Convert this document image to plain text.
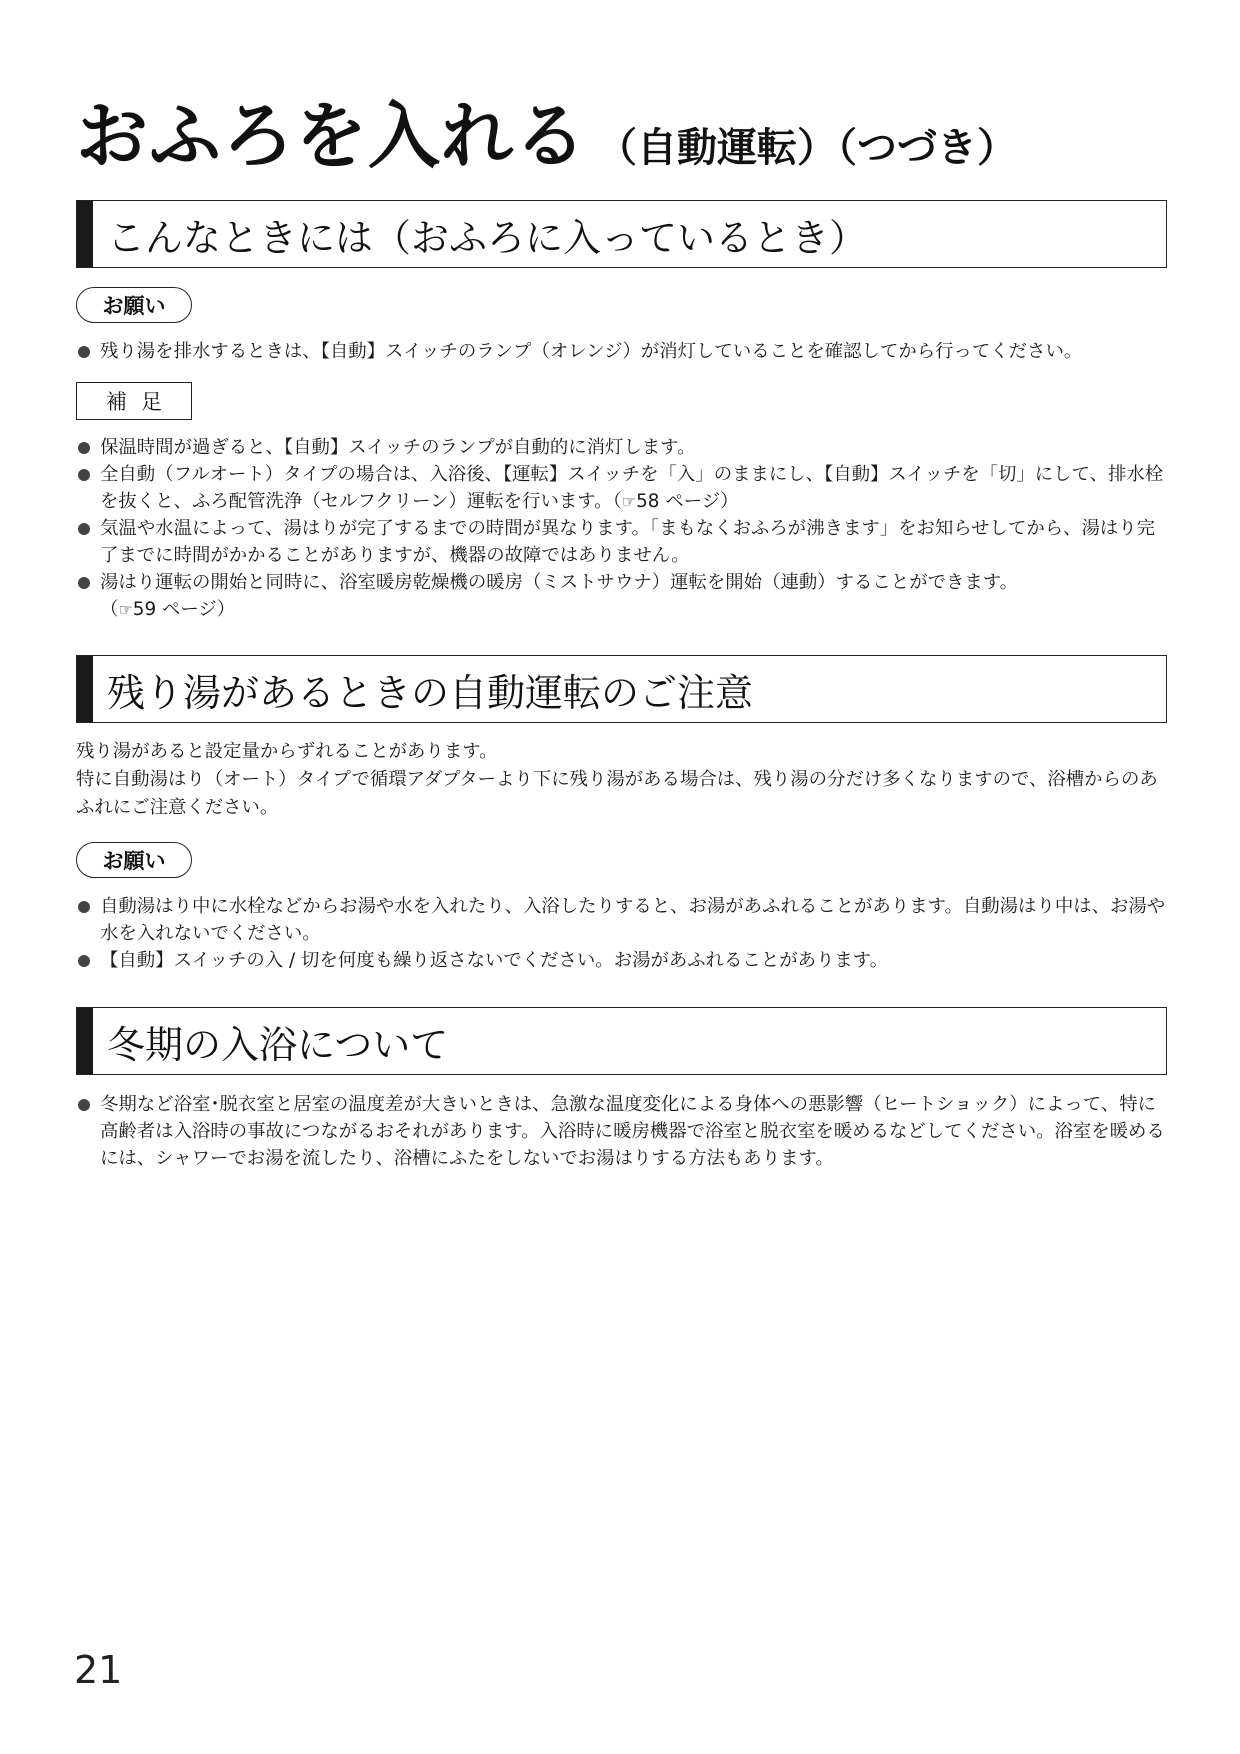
おふろを入れる （自動運転）（つづき）
こんなときには（おふろに入っているとき）
お願い
残り湯を排水するときは、【自動】スイッチのランプ（オレンジ）が消灯していることを確認してから行ってください。
補足
保温時間が過ぎると、【自動】スイッチのランプが自動的に消灯します。
全自動（フルオート）タイプの場合は、入浴後、【運転】スイッチを「入」のままにし、【自動】スイッチを「切」にして、排水栓を抜くと、ふろ配管洗浄（セルフクリーン）運転を行います。（☞58 ページ）
気温や水温によって、湯はりが完了するまでの時間が異なります。「まもなくおふろが沸きます」をお知らせしてから、湯はり完了までに時間がかかることがありますが、機器の故障ではありません。
湯はり運転の開始と同時に、浴室暖房乾燥機の暖房（ミストサウナ）運転を開始（連動）することができます。
（☞59 ページ）
残り湯があるときの自動運転のご注意

残り湯があると設定量からずれることがあります。

特に自動湯はり（オート）タイプで循環アダプターより下に残り湯がある場合は、残り湯の分だけ多くなりますので、浴槽からのあふれにご注意ください。

お願い
自動湯はり中に水栓などからお湯や水を入れたり、入浴したりすると、お湯があふれることがあります。自動湯はり中は、お湯や水を入れないでください。
【自動】スイッチの入 / 切を何度も繰り返さないでください。お湯があふれることがあります。
冬期の入浴について
冬期など浴室･脱衣室と居室の温度差が大きいときは、急激な温度変化による身体への悪影響（ヒートショック）によって、特に高齢者は入浴時の事故につながるおそれがあります。入浴時に暖房機器で浴室と脱衣室を暖めるなどしてください。浴室を暖めるには、シャワーでお湯を流したり、浴槽にふたをしないでお湯はりする方法もあります。
21
